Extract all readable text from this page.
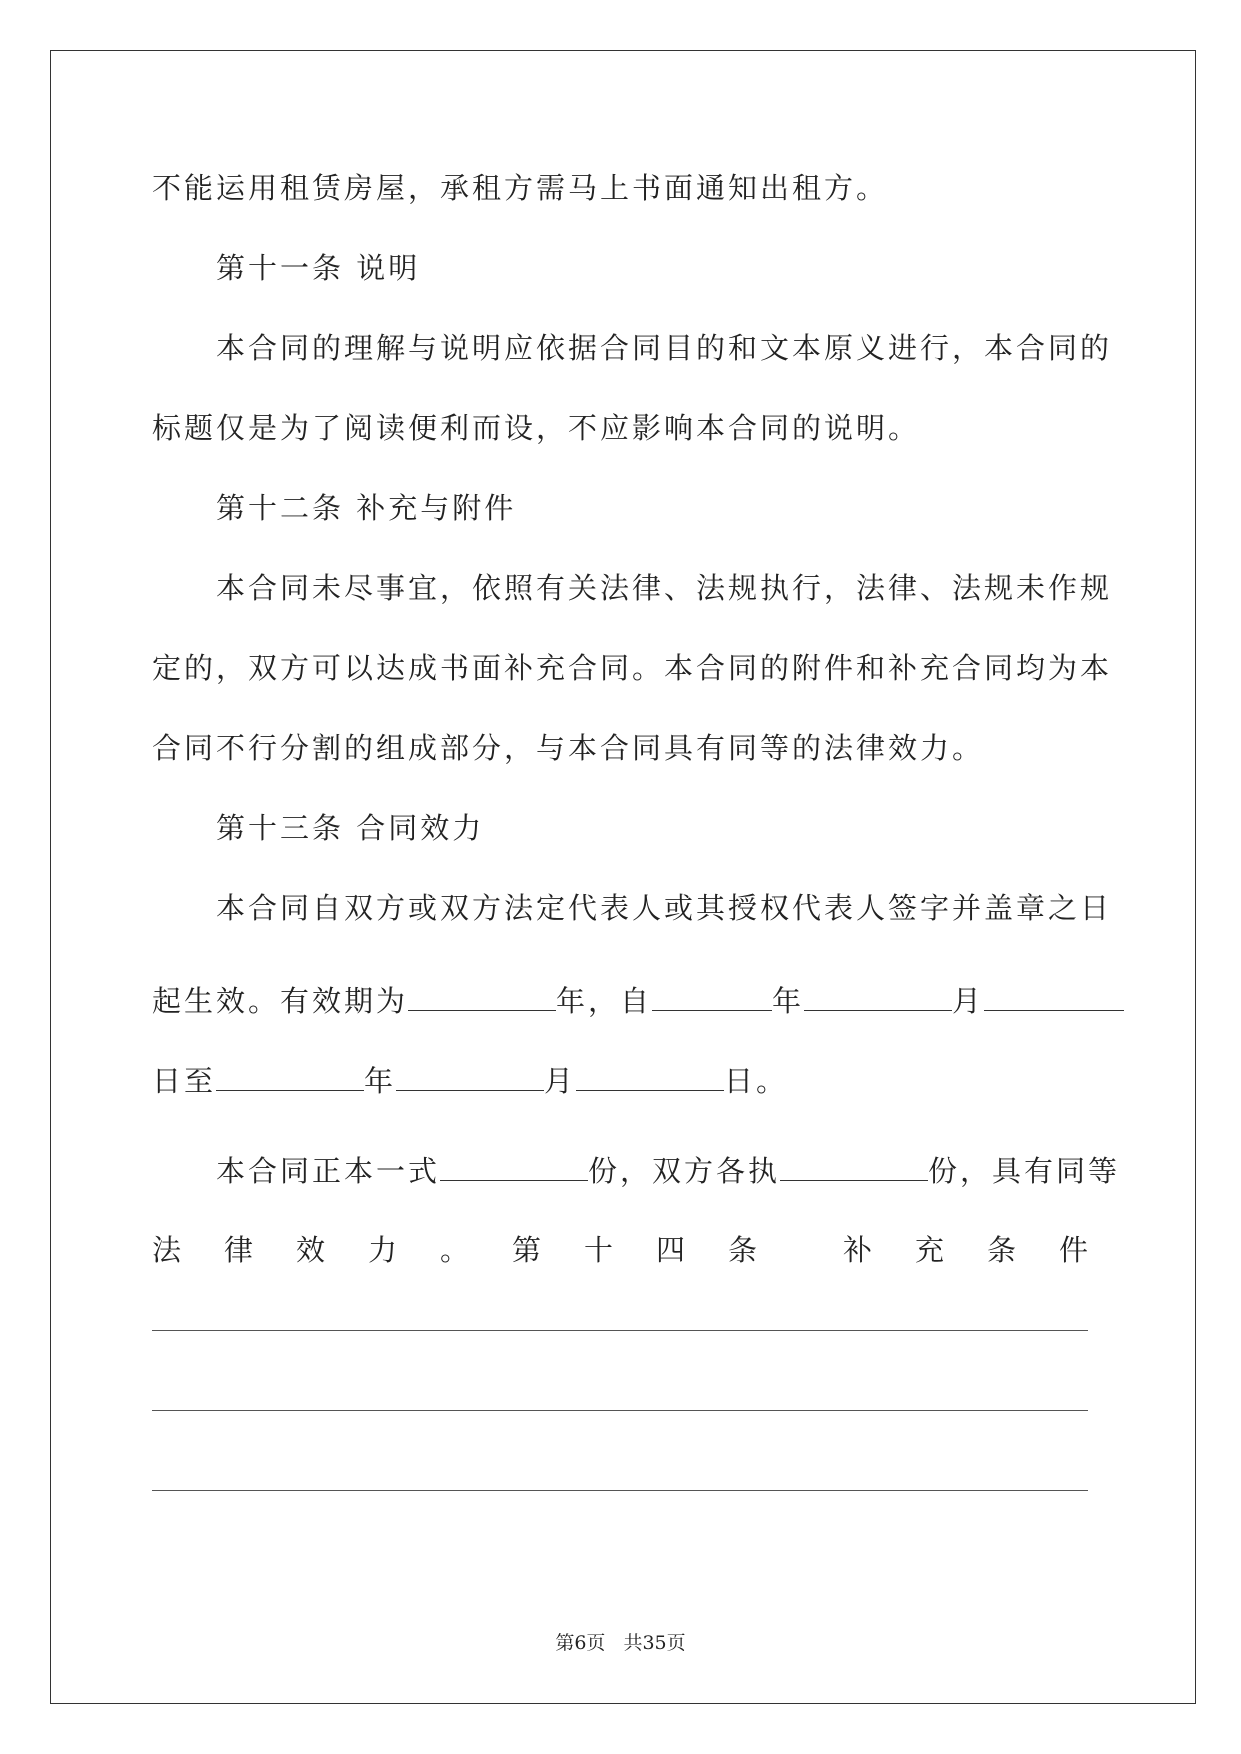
不能运用租赁房屋，承租方需马上书面通知出租方。
第十一条 说明
本合同的理解与说明应依据合同目的和文本原义进行，本合同的
标题仅是为了阅读便利而设，不应影响本合同的说明。
第十二条 补充与附件
本合同未尽事宜，依照有关法律、法规执行，法律、法规未作规
定的，双方可以达成书面补充合同。本合同的附件和补充合同均为本
合同不行分割的组成部分，与本合同具有同等的法律效力。
第十三条 合同效力
本合同自双方或双方法定代表人或其授权代表人签字并盖章之日
起生效。有效期为	年，自	年	月
日至	年	月	日。
本合同正本一式	份，双方各执	份，具有同等
法 律 效 力 。 第 十 四 条	补 充 条 件
第6页 共35页
